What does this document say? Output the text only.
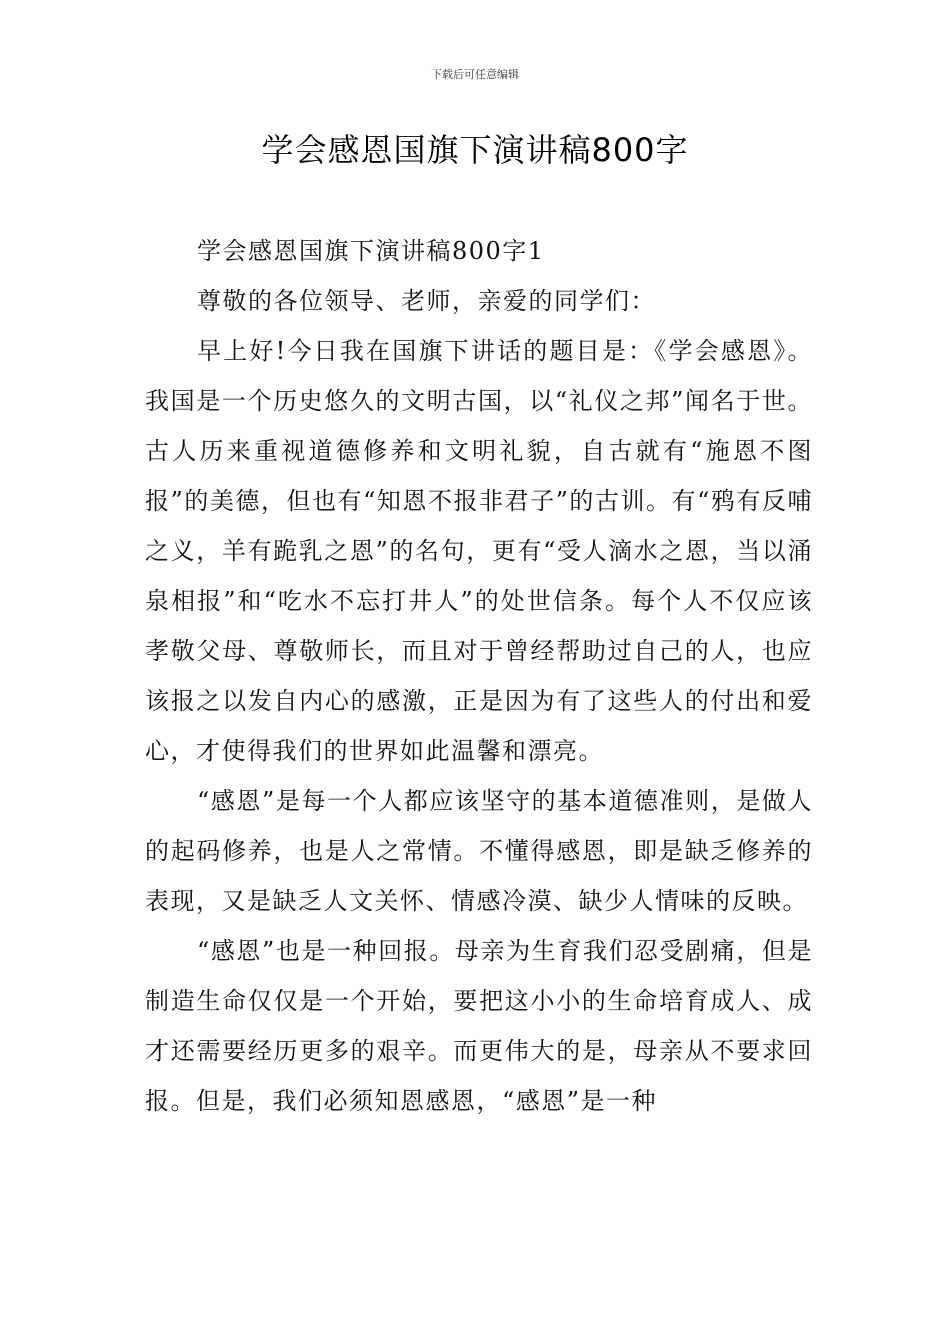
下载后可任意编辑
学会感恩国旗下演讲稿800字

学会感恩国旗下演讲稿800字1

尊敬的各位领导、老师，亲爱的同学们：

早上好!今日我在国旗下讲话的题目是：《学会感恩》。我国是一个历史悠久的文明古国，以“礼仪之邦”闻名于世。古人历来重视道德修养和文明礼貌，自古就有“施恩不图报”的美德，但也有“知恩不报非君子”的古训。有“鸦有反哺之义，羊有跪乳之恩”的名句，更有“受人滴水之恩，当以涌泉相报”和“吃水不忘打井人”的处世信条。每个人不仅应该孝敬父母、尊敬师长，而且对于曾经帮助过自己的人，也应该报之以发自内心的感激，正是因为有了这些人的付出和爱心，才使得我们的世界如此温馨和漂亮。

“感恩”是每一个人都应该坚守的基本道德准则，是做人的起码修养，也是人之常情。不懂得感恩，即是缺乏修养的表现，又是缺乏人文关怀、情感冷漠、缺少人情味的反映。

“感恩”也是一种回报。母亲为生育我们忍受剧痛，但是制造生命仅仅是一个开始，要把这小小的生命培育成人、成才还需要经历更多的艰辛。而更伟大的是，母亲从不要求回报。但是，我们必须知恩感恩，“感恩”是一种
